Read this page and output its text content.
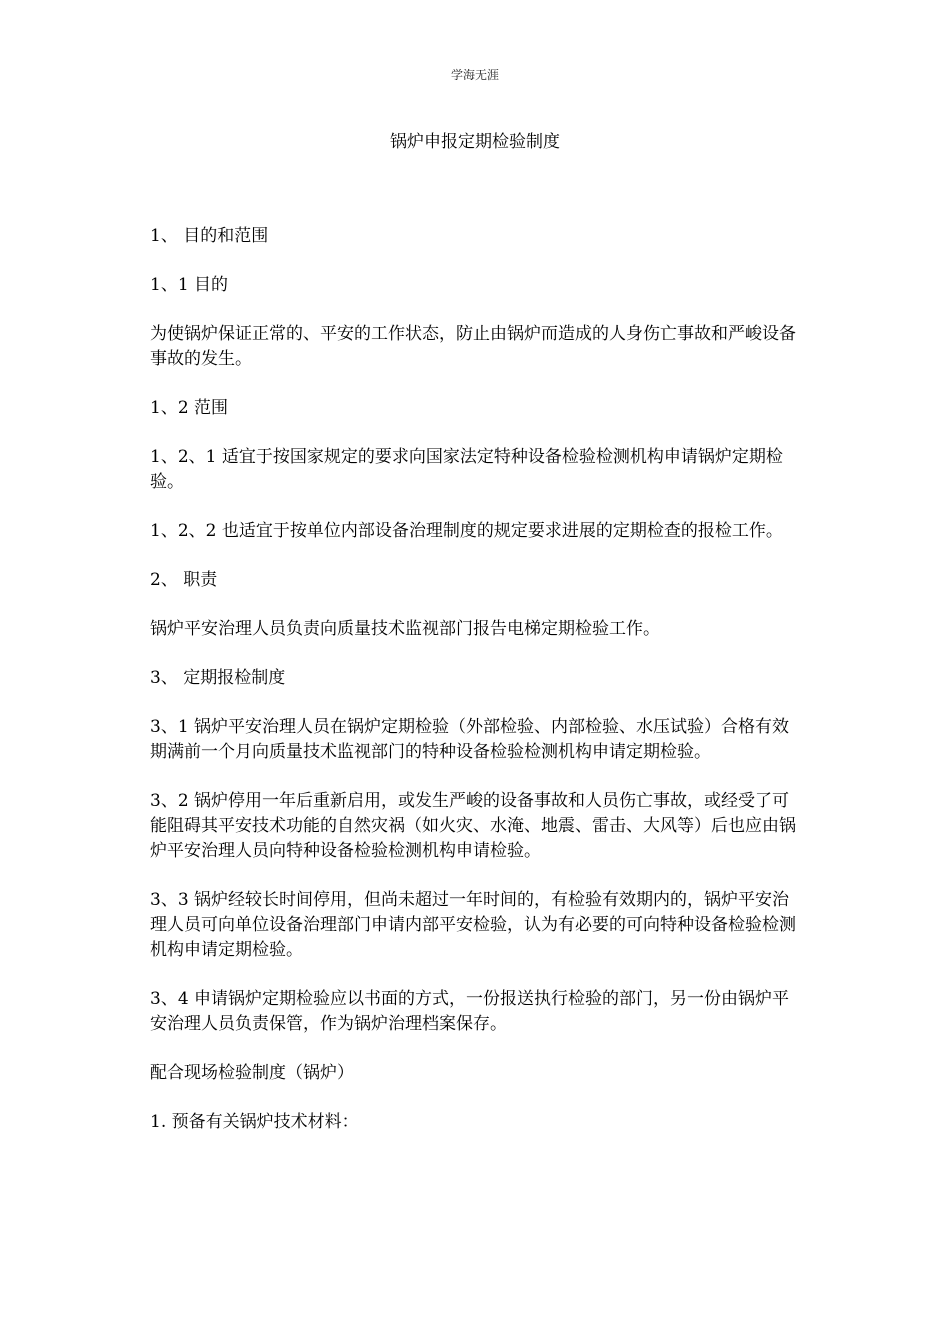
学海无涯
锅炉申报定期检验制度

1、 目的和范围

1、1 目的

为使锅炉保证正常的、平安的工作状态，防止由锅炉而造成的人身伤亡事故和严峻设备事故的发生。

1、2 范围

1、2、1 适宜于按国家规定的要求向国家法定特种设备检验检测机构申请锅炉定期检验。

1、2、2 也适宜于按单位内部设备治理制度的规定要求进展的定期检查的报检工作。

2、 职责

锅炉平安治理人员负责向质量技术监视部门报告电梯定期检验工作。

3、 定期报检制度

3、1 锅炉平安治理人员在锅炉定期检验（外部检验、内部检验、水压试验）合格有效期满前一个月向质量技术监视部门的特种设备检验检测机构申请定期检验。

3、2 锅炉停用一年后重新启用，或发生严峻的设备事故和人员伤亡事故，或经受了可能阻碍其平安技术功能的自然灾祸（如火灾、水淹、地震、雷击、大风等）后也应由锅炉平安治理人员向特种设备检验检测机构申请检验。

3、3 锅炉经较长时间停用，但尚未超过一年时间的，有检验有效期内的，锅炉平安治理人员可向单位设备治理部门申请内部平安检验，认为有必要的可向特种设备检验检测机构申请定期检验。

3、4 申请锅炉定期检验应以书面的方式，一份报送执行检验的部门，另一份由锅炉平安治理人员负责保管，作为锅炉治理档案保存。

配合现场检验制度（锅炉）

1. 预备有关锅炉技术材料：
